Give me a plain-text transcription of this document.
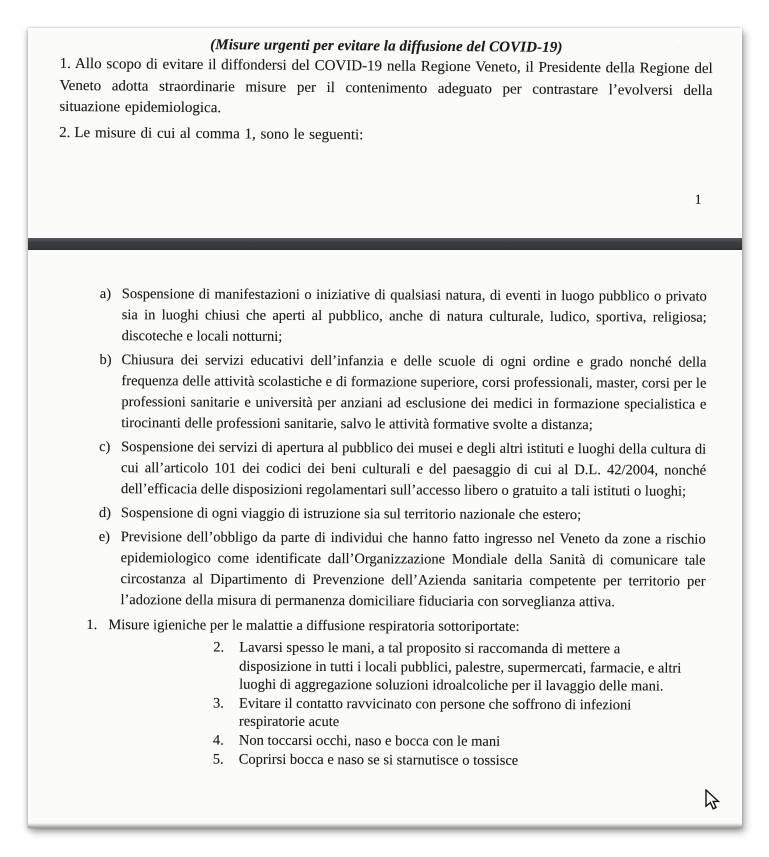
(Misure urgenti per evitare la diffusione del COVID-19)

1. Allo scopo di evitare il diffondersi del COVID-19 nella Regione Veneto, il Presidente della Regione del Veneto adotta straordinarie misure per il contenimento adeguato per contrastare l’evolversi della situazione epidemiologica.

2. Le misure di cui al comma 1, sono le seguenti:

1
a) Sospensione di manifestazioni o iniziative di qualsiasi natura, di eventi in luogo pubblico o privato sia in luoghi chiusi che aperti al pubblico, anche di natura culturale, ludico, sportiva, religiosa; discoteche e locali notturni;
b) Chiusura dei servizi educativi dell’infanzia e delle scuole di ogni ordine e grado nonché della frequenza delle attività scolastiche e di formazione superiore, corsi professionali, master, corsi per le professioni sanitarie e università per anziani ad esclusione dei medici in formazione specialistica e tirocinanti delle professioni sanitarie, salvo le attività formative svolte a distanza;
c) Sospensione dei servizi di apertura al pubblico dei musei e degli altri istituti e luoghi della cultura di cui all’articolo 101 dei codici dei beni culturali e del paesaggio di cui al D.L. 42/2004, nonché dell’efficacia delle disposizioni regolamentari sull’accesso libero o gratuito a tali istituti o luoghi;
d) Sospensione di ogni viaggio di istruzione sia sul territorio nazionale che estero;
e) Previsione dell’obbligo da parte di individui che hanno fatto ingresso nel Veneto da zone a rischio epidemiologico come identificate dall’Organizzazione Mondiale della Sanità di comunicare tale circostanza al Dipartimento di Prevenzione dell’Azienda sanitaria competente per territorio per l’adozione della misura di permanenza domiciliare fiduciaria con sorveglianza attiva.
1. Misure igieniche per le malattie a diffusione respiratoria sottoriportate:
2.	Lavarsi spesso le mani, a tal proposito si raccomanda di mettere a disposizione in tutti i locali pubblici, palestre, supermercati, farmacie, e altri luoghi di aggregazione soluzioni idroalcoliche per il lavaggio delle mani.
3.	Evitare il contatto ravvicinato con persone che soffrono di infezioni respiratorie acute
4.	Non toccarsi occhi, naso e bocca con le mani
5.	Coprirsi bocca e naso se si starnutisce o tossisce
